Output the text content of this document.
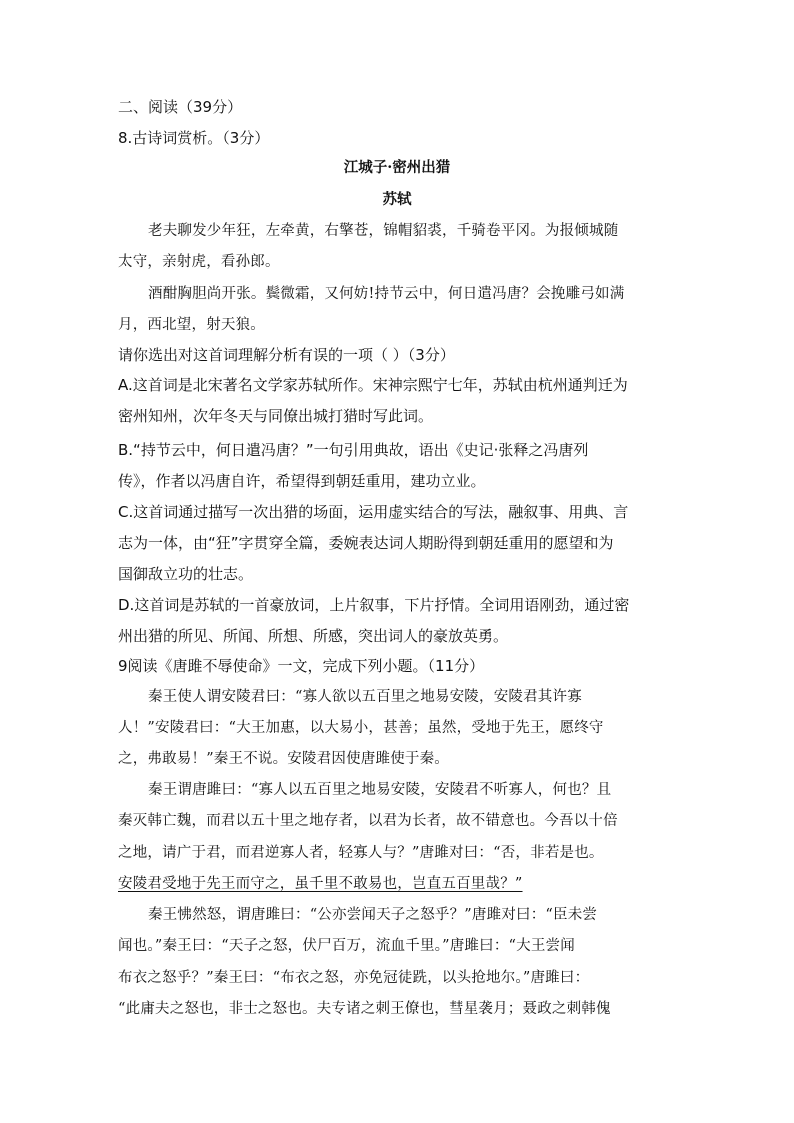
二、阅读（39分）
8.古诗词赏析。（3分）
江城子·密州出猎
苏轼
老夫聊发少年狂，左牵黄，右擎苍，锦帽貂裘，千骑卷平冈。为报倾城随
太守，亲射虎，看孙郎。
酒酣胸胆尚开张。鬓微霜，又何妨!持节云中，何日遣冯唐？会挽雕弓如满
月，西北望，射天狼。
请你选出对这首词理解分析有误的一项（ ）（3分）
A.这首词是北宋著名文学家苏轼所作。宋神宗熙宁七年，苏轼由杭州通判迁为
密州知州，次年冬天与同僚出城打猎时写此词。
B.“持节云中，何日遣冯唐？”一句引用典故，语出《史记·张释之冯唐列
传》，作者以冯唐自许，希望得到朝廷重用，建功立业。
C.这首词通过描写一次出猎的场面，运用虚实结合的写法，融叙事、用典、言
志为一体，由“狂”字贯穿全篇，委婉表达词人期盼得到朝廷重用的愿望和为
国御敌立功的壮志。
D.这首词是苏轼的一首豪放词，上片叙事，下片抒情。全词用语刚劲，通过密
州出猎的所见、所闻、所想、所感，突出词人的豪放英勇。
9阅读《唐雎不辱使命》一文，完成下列小题。（11分）
秦王使人谓安陵君曰：“寡人欲以五百里之地易安陵，安陵君其许寡
人！”安陵君曰：“大王加惠，以大易小，甚善；虽然，受地于先王，愿终守
之，弗敢易！”秦王不说。安陵君因使唐雎使于秦。
秦王谓唐雎曰：“寡人以五百里之地易安陵，安陵君不听寡人，何也？且
秦灭韩亡魏，而君以五十里之地存者，以君为长者，故不错意也。今吾以十倍
之地，请广于君，而君逆寡人者，轻寡人与？”唐雎对曰：“否，非若是也。
安陵君受地于先王而守之，虽千里不敢易也，岂直五百里哉？”
秦王怫然怒，谓唐雎曰：“公亦尝闻天子之怒乎？”唐雎对曰：“臣未尝
闻也。”秦王曰：“天子之怒，伏尸百万，流血千里。”唐雎曰：“大王尝闻
布衣之怒乎？”秦王曰：“布衣之怒，亦免冠徒跣，以头抢地尔。”唐雎曰：
“此庸夫之怒也，非士之怒也。夫专诸之刺王僚也，彗星袭月；聂政之刺韩傀
